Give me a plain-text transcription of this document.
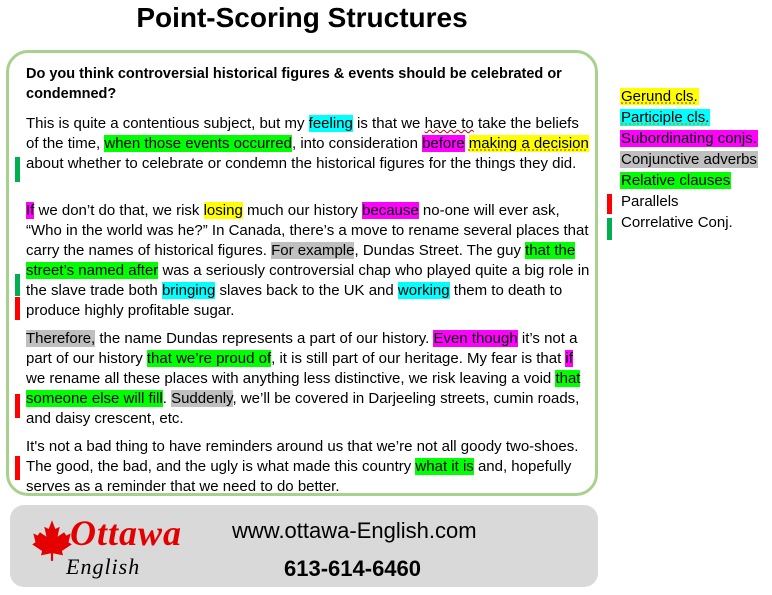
Point-Scoring Structures
Do you think controversial historical figures & events should be celebrated or condemned?
This is quite a contentious subject, but my feeling is that we have to take the beliefs of the time, when those events occurred, into consideration before making a decision about whether to celebrate or condemn the historical figures for the things they did.
If we don’t do that, we risk losing much our history because no-one will ever ask, “Who in the world was he?” In Canada, there’s a move to rename several places that carry the names of historical figures. For example, Dundas Street. The guy that the street’s named after was a seriously controversial chap who played quite a big role in the slave trade both bringing slaves back to the UK and working them to death to produce highly profitable sugar.
Therefore, the name Dundas represents a part of our history. Even though it’s not a part of our history that we’re proud of, it is still part of our heritage. My fear is that if we rename all these places with anything less distinctive, we risk leaving a void that someone else will fill. Suddenly, we’ll be covered in Darjeeling streets, cumin roads, and daisy crescent, etc.
It's not a bad thing to have reminders around us that we’re not all goody two-shoes. The good, the bad, and the ugly is what made this country what it is and, hopefully serves as a reminder that we need to do better.
Gerund cls.
Participle cls.
Subordinating conjs.
Conjunctive adverbs
Relative clauses
Parallels
Correlative Conj.
Ottawa
English
www.ottawa-English.com
613-614-6460
